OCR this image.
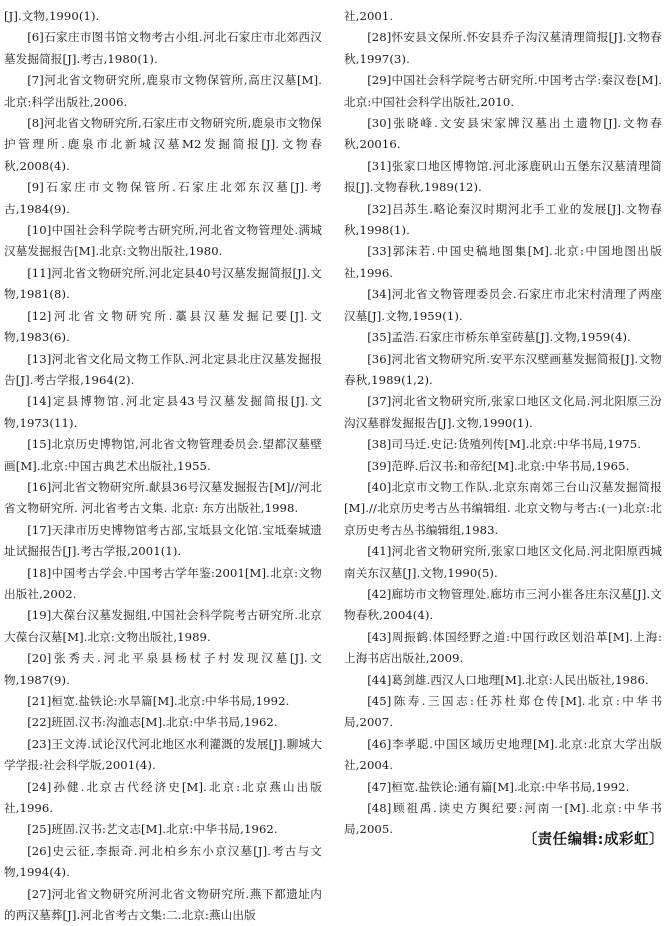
[J].文物,1990(1).

[6]石家庄市图书馆文物考古小组.河北石家庄市北郊西汉墓发掘简报[J].考古,1980(1).

[7]河北省文物研究所,鹿泉市文物保管所,高庄汉墓[M].北京:科学出版社,2006.

[8]河北省文物研究所,石家庄市文物研究所,鹿泉市文物保护管理所.鹿泉市北新城汉墓M2发掘简报[J].文物春秋,2008(4).

[9]石家庄市文物保管所.石家庄北郊东汉墓[J].考古,1984(9).

[10]中国社会科学院考古研究所,河北省文物管理处.满城汉墓发掘报告[M].北京:文物出版社,1980.

[11]河北省文物研究所.河北定县40号汉墓发掘简报[J].文物,1981(8).

[12]河北省文物研究所.藁县汉墓发掘记要[J].文物,1983(6).

[13]河北省文化局文物工作队.河北定县北庄汉墓发掘报告[J].考古学报,1964(2).

[14]定县博物馆.河北定县43号汉墓发掘简报[J].文物,1973(11).

[15]北京历史博物馆,河北省文物管理委员会.望都汉墓壁画[M].北京:中国古典艺术出版社,1955.

[16]河北省文物研究所.献县36号汉墓发掘报告[M]//河北省文物研究所. 河北省考古文集. 北京: 东方出版社,1998.

[17]天津市历史博物馆考古部,宝坻县文化馆.宝坻秦城遗址试掘报告[J].考古学报,2001(1).

[18]中国考古学会.中国考古学年鉴:2001[M].北京:文物出版社,2002.

[19]大葆台汉墓发掘组,中国社会科学院考古研究所.北京大葆台汉墓[M].北京:文物出版社,1989.

[20]张秀夫.河北平泉县杨杖子村发现汉墓[J].文物,1987(9).

[21]桓宽.盐铁论:水旱篇[M].北京:中华书局,1992.

[22]班固.汉书:沟洫志[M].北京:中华书局,1962.

[23]王文涛.试论汉代河北地区水利灌溉的发展[J].聊城大学学报:社会科学版,2001(4).

[24]孙健.北京古代经济史[M].北京:北京燕山出版社,1996.

[25]班固.汉书:艺文志[M].北京:中华书局,1962.

[26]史云征,李振奇.河北柏乡东小京汉墓[J].考古与文物,1994(4).

[27]河北省文物研究所河北省文物研究所.燕下都遗址内的两汉墓葬[J].河北省考古文集:二.北京:燕山出版

社,2001.

[28]怀安县文保所.怀安县乔子沟汉墓清理简报[J].文物春秋,1997(3).

[29]中国社会科学院考古研究所.中国考古学:秦汉卷[M].北京:中国社会科学出版社,2010.

[30]张晓峰.文安县宋家牌汉墓出土遗物[J].文物春秋,20016.

[31]张家口地区博物馆.河北涿鹿矾山五堡东汉墓清理简报[J].文物春秋,1989(12).

[32]吕苏生.略论秦汉时期河北手工业的发展[J].文物春秋,1998(1).

[33]郭沫若.中国史稿地图集[M].北京:中国地图出版社,1996.

[34]河北省文物管理委员会.石家庄市北宋村清理了两座汉墓[J].文物,1959(1).

[35]孟浩.石家庄市桥东单室砖墓[J].文物,1959(4).

[36]河北省文物研究所.安平东汉壁画墓发掘简报[J].文物春秋,1989(1,2).

[37]河北省文物研究所,张家口地区文化局.河北阳原三汾沟汉墓群发掘报告[J].文物,1990(1).

[38]司马迁.史记:货殖列传[M].北京:中华书局,1975.

[39]范晔.后汉书:和帝纪[M].北京:中华书局,1965.

[40]北京市文物工作队.北京东南郊三台山汉墓发掘简报 [M].//北京历史考古丛书编辑组. 北京文物与考古:(一)北京:北京历史考古丛书编辑组,1983.

[41]河北省文物研究所,张家口地区文化局.河北阳原西城南关东汉墓[J].文物,1990(5).

[42]廊坊市文物管理处.廊坊市三河小崔各庄东汉墓[J].文物春秋,2004(4).

[43]周振鹤.体国经野之道:中国行政区划沿革[M].上海:上海书店出版社,2009.

[44]葛剑雄.西汉人口地理[M].北京:人民出版社,1986.

[45]陈寿.三国志:任苏杜郑仓传[M].北京:中华书局,2007.

[46]李孝聪.中国区域历史地理[M].北京:北京大学出版社,2004.

[47]桓宽.盐铁论:通有篇[M].北京:中华书局,1992.

[48]顾祖禹.读史方舆纪要:河南一[M].北京:中华书局,2005.

〔责任编辑:成彩虹〕
